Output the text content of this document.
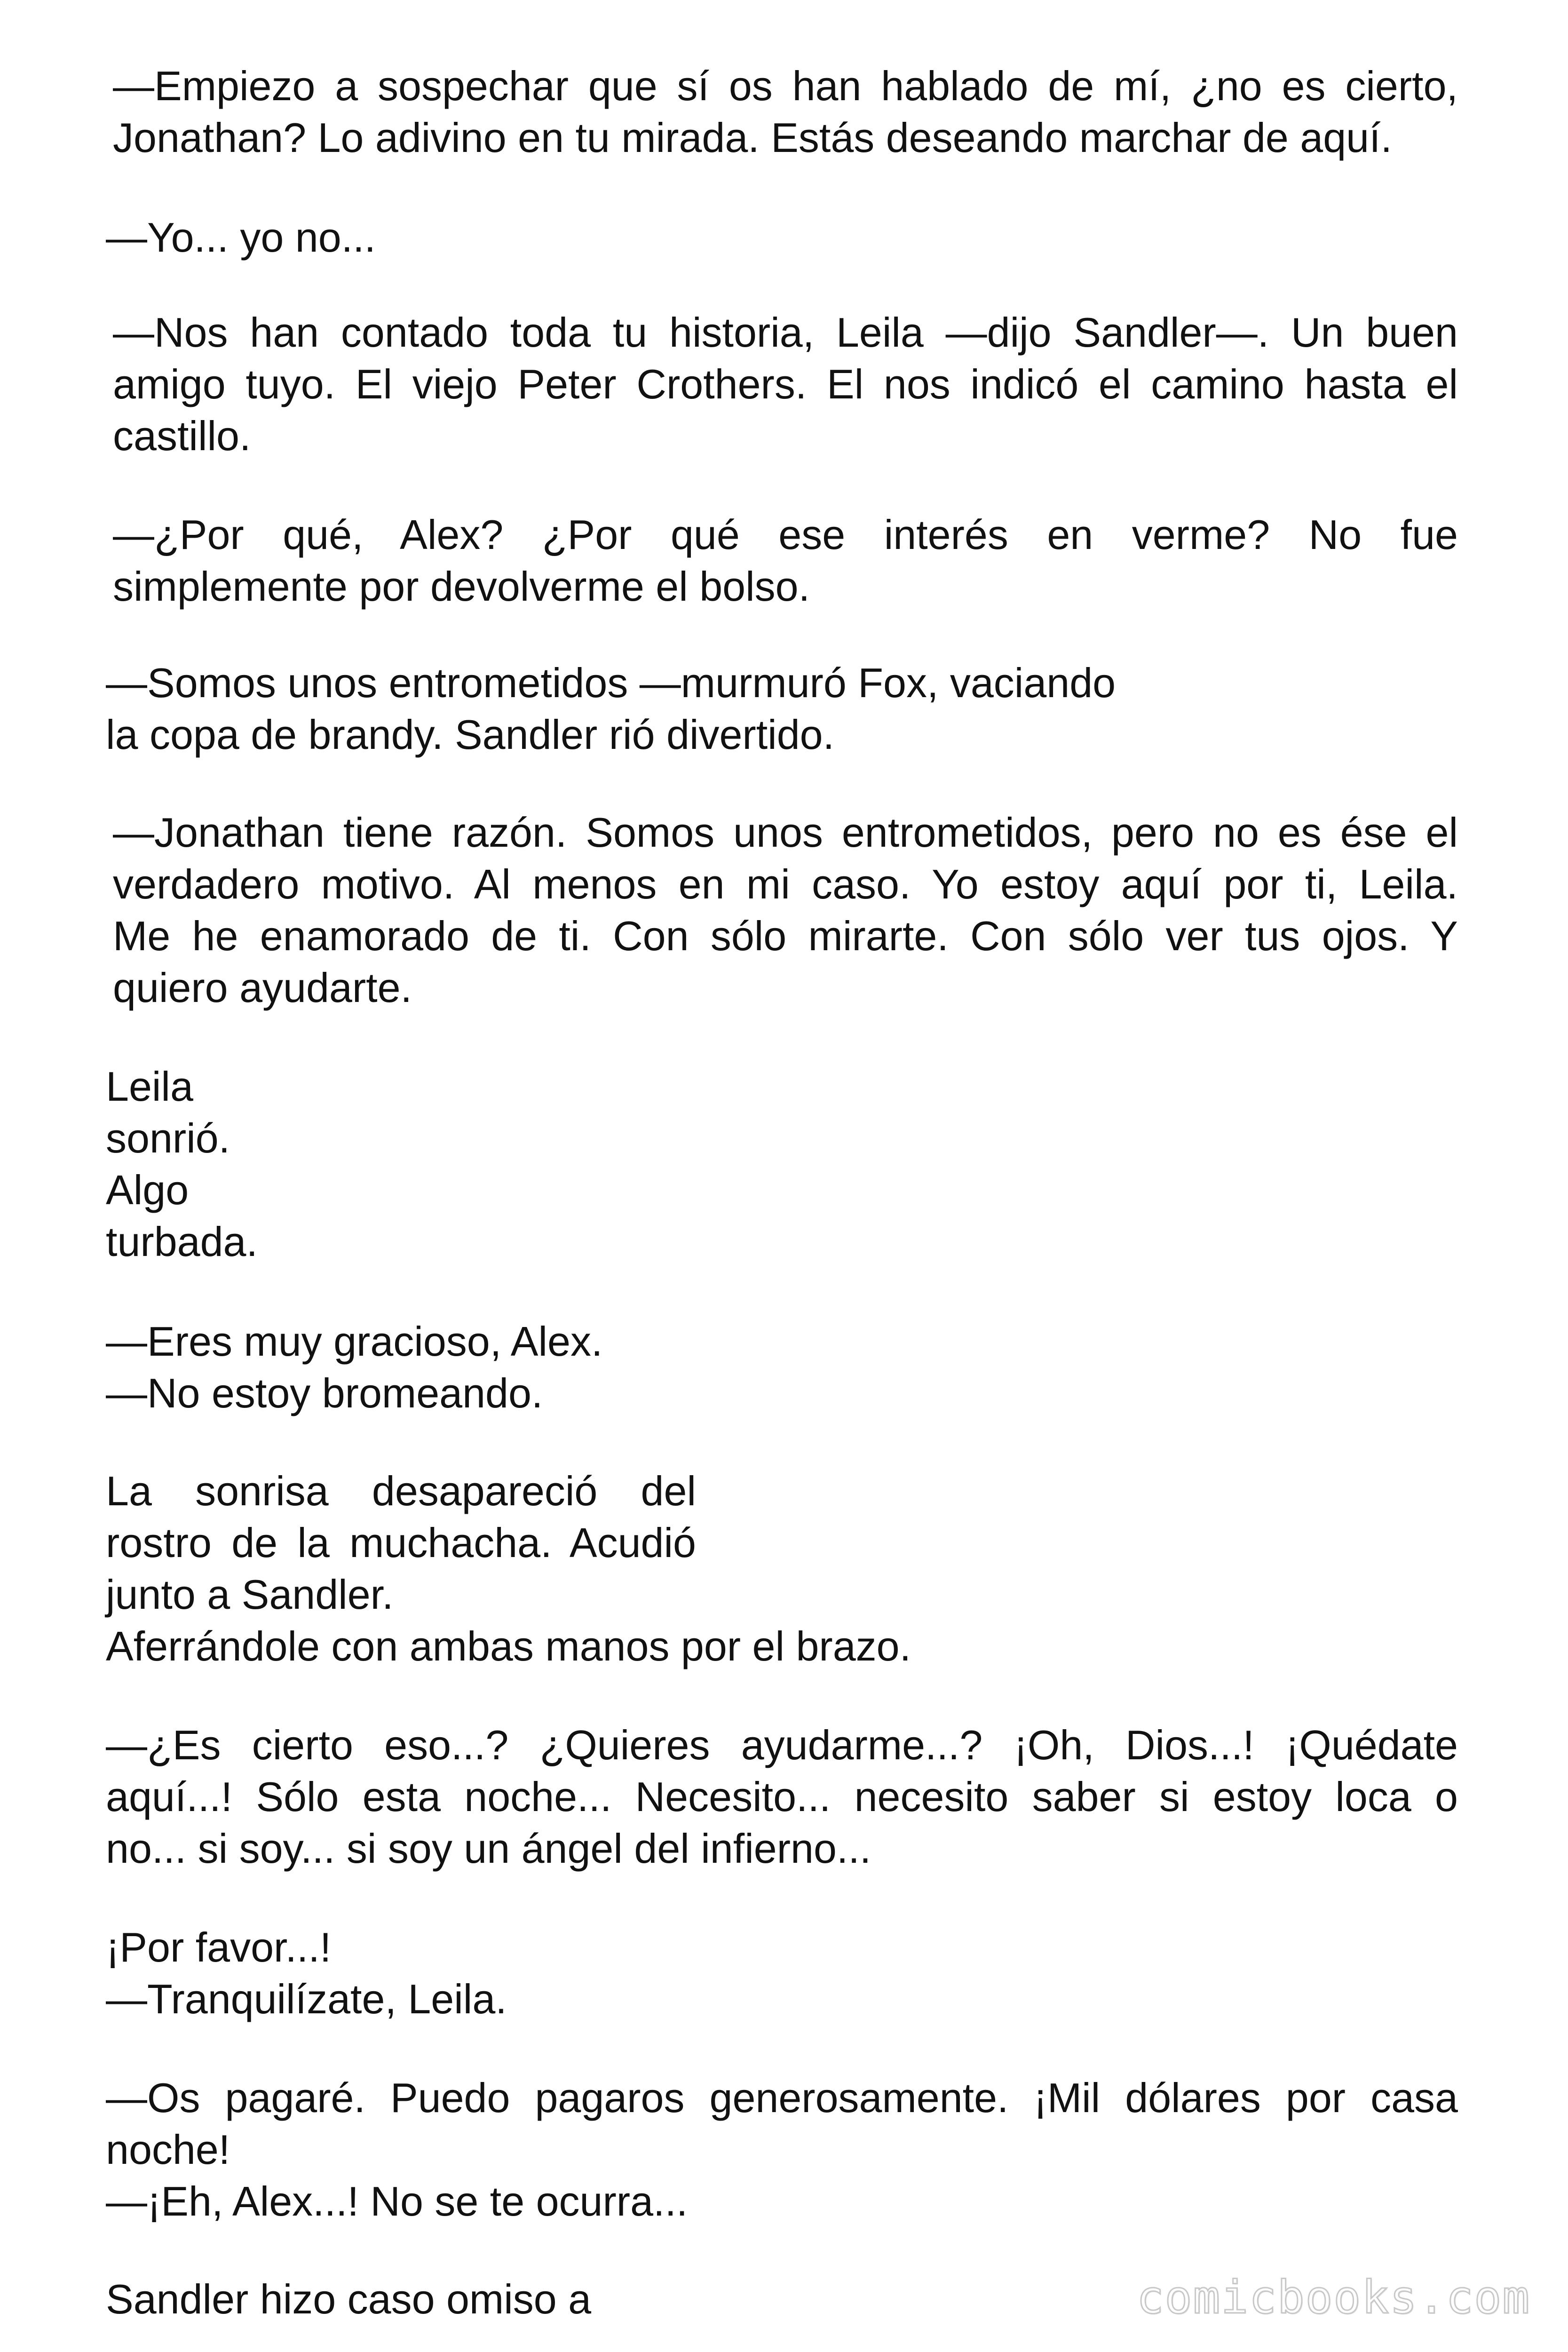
—Empiezo a sospechar que sí os han hablado de mí, ¿no es cierto,
Jonathan? Lo adivino en tu mirada. Estás deseando marchar de aquí.

—Yo... yo no...

—Nos han contado toda tu historia, Leila —dijo Sandler—. Un buen
amigo tuyo. El viejo Peter Crothers. El nos indicó el camino hasta el
castillo.

—¿Por qué, Alex? ¿Por qué ese interés en verme? No fue
simplemente por devolverme el bolso.

—Somos unos entrometidos —murmuró Fox, vaciando
la copa de brandy. Sandler rió divertido.

—Jonathan tiene razón. Somos unos entrometidos, pero no es ése el
verdadero motivo. Al menos en mi caso. Yo estoy aquí por ti, Leila.
Me he enamorado de ti. Con sólo mirarte. Con sólo ver tus ojos. Y
quiero ayudarte.

Leila
sonrió.
Algo
turbada.

—Eres muy gracioso, Alex.
—No estoy bromeando.

La sonrisa desapareció del
rostro de la muchacha. Acudió
junto a Sandler.
Aferrándole con ambas manos por el brazo.

—¿Es cierto eso...? ¿Quieres ayudarme...? ¡Oh, Dios...! ¡Quédate
aquí...! Sólo esta noche... Necesito... necesito saber si estoy loca o
no... si soy... si soy un ángel del infierno...

¡Por favor...!
—Tranquilízate, Leila.

—Os pagaré. Puedo pagaros generosamente. ¡Mil dólares por casa
noche!
—¡Eh, Alex...! No se te ocurra...

Sandler hizo caso omiso a	comicbooks.com
